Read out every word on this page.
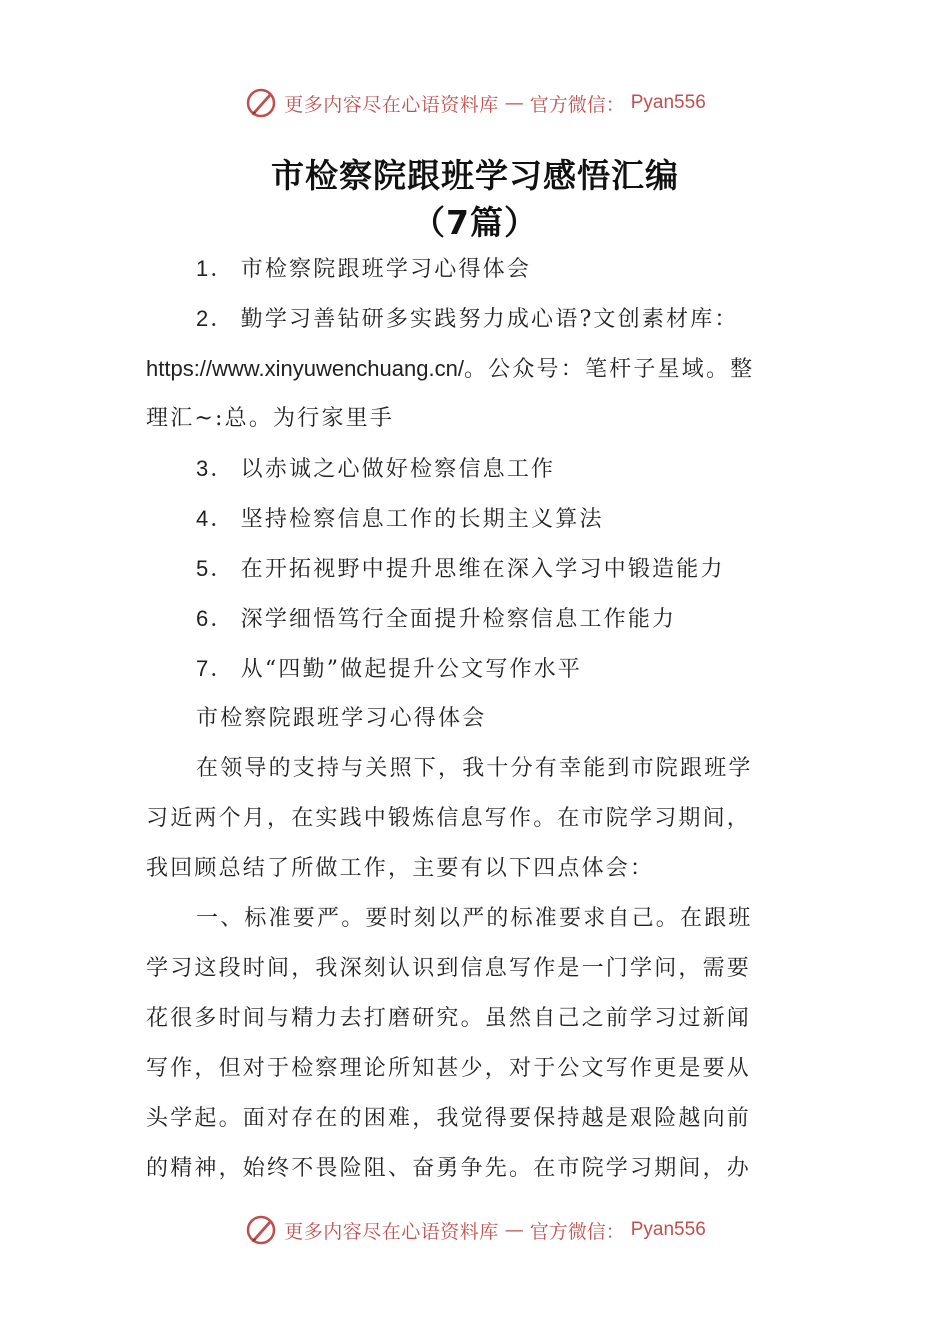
更多内容尽在心语资料库 — 官方微信： Pyan556
市检察院跟班学习感悟汇编
（7篇）
1． 市检察院跟班学习心得体会
2． 勤学习善钻研多实践努力成心语?文创素材库：
https://www.xinyuwenchuang.cn/。公众号：笔杆子星域。整
理汇~:总。为行家里手
3． 以赤诚之心做好检察信息工作
4． 坚持检察信息工作的长期主义算法
5． 在开拓视野中提升思维在深入学习中锻造能力
6． 深学细悟笃行全面提升检察信息工作能力
7． 从“四勤”做起提升公文写作水平
市检察院跟班学习心得体会
在领导的支持与关照下，我十分有幸能到市院跟班学
习近两个月，在实践中锻炼信息写作。在市院学习期间，
我回顾总结了所做工作，主要有以下四点体会：
一、标准要严。要时刻以严的标准要求自己。在跟班
学习这段时间，我深刻认识到信息写作是一门学问，需要
花很多时间与精力去打磨研究。虽然自己之前学习过新闻
写作，但对于检察理论所知甚少，对于公文写作更是要从
头学起。面对存在的困难，我觉得要保持越是艰险越向前
的精神，始终不畏险阻、奋勇争先。在市院学习期间，办
更多内容尽在心语资料库 — 官方微信： Pyan556
